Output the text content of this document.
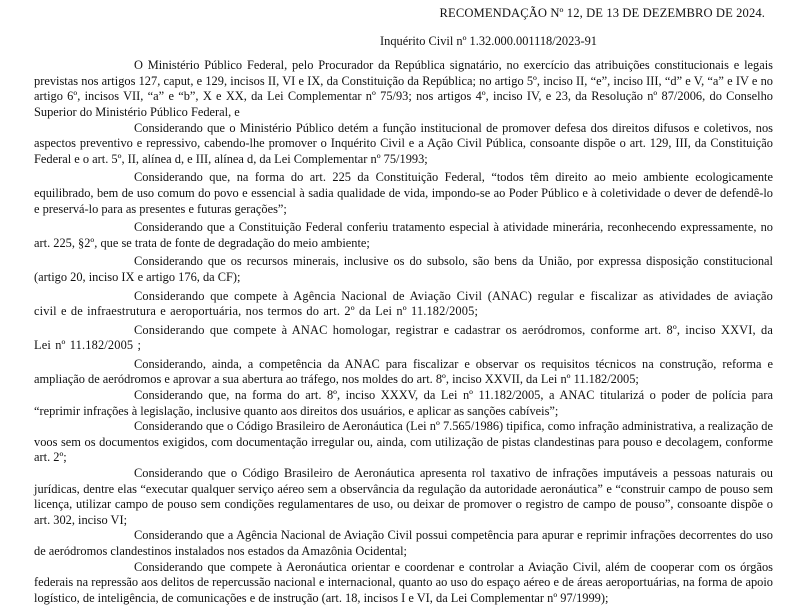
RECOMENDAÇÃO Nº 12, DE 13 DE DEZEMBRO DE 2024.
Inquérito Civil nº 1.32.000.001118/2023-91

O Ministério Público Federal, pelo Procurador da República signatário, no exercício das atribuições constitucionais e legais previstas nos artigos 127, caput, e 129, incisos II, VI e IX, da Constituição da República; no artigo 5º, inciso II, “e”, inciso III, “d” e V, “a” e IV e no artigo 6º, incisos VII, “a” e “b”, X e XX, da Lei Complementar nº 75/93; nos artigos 4º, inciso IV, e 23, da Resolução nº 87/2006, do Conselho Superior do Ministério Público Federal, e

Considerando que o Ministério Público detém a função institucional de promover defesa dos direitos difusos e coletivos, nos aspectos preventivo e repressivo, cabendo-lhe promover o Inquérito Civil e a Ação Civil Pública, consoante dispõe o art. 129, III, da Constituição Federal e o art. 5º, II, alínea d, e III, alínea d, da Lei Complementar nº 75/1993;

Considerando que, na forma do art. 225 da Constituição Federal, “todos têm direito ao meio ambiente ecologicamente equilibrado, bem de uso comum do povo e essencial à sadia qualidade de vida, impondo-se ao Poder Público e à coletividade o dever de defendê-lo e preservá-lo para as presentes e futuras gerações”;

Considerando que a Constituição Federal conferiu tratamento especial à atividade minerária, reconhecendo expressamente, no art. 225, §2º, que se trata de fonte de degradação do meio ambiente;

Considerando que os recursos minerais, inclusive os do subsolo, são bens da União, por expressa disposição constitucional (artigo 20, inciso IX e artigo 176, da CF);

Considerando que compete à Agência Nacional de Aviação Civil (ANAC) regular e fiscalizar as atividades de aviação civil e de infraestrutura e aeroportuária, nos termos do art. 2º da Lei nº 11.182/2005;

Considerando que compete à ANAC homologar, registrar e cadastrar os aeródromos, conforme art. 8º, inciso XXVI, da Lei nº 11.182/2005 ;

Considerando, ainda, a competência da ANAC para fiscalizar e observar os requisitos técnicos na construção, reforma e ampliação de aeródromos e aprovar a sua abertura ao tráfego, nos moldes do art. 8º, inciso XXVII, da Lei nº 11.182/2005;

Considerando que, na forma do art. 8º, inciso XXXV, da Lei nº 11.182/2005, a ANAC titularizá o poder de polícia para “reprimir infrações à legislação, inclusive quanto aos direitos dos usuários, e aplicar as sanções cabíveis”;

Considerando que o Código Brasileiro de Aeronáutica (Lei nº 7.565/1986) tipifica, como infração administrativa, a realização de voos sem os documentos exigidos, com documentação irregular ou, ainda, com utilização de pistas clandestinas para pouso e decolagem, conforme art. 2º;

Considerando que o Código Brasileiro de Aeronáutica apresenta rol taxativo de infrações imputáveis a pessoas naturais ou jurídicas, dentre elas “executar qualquer serviço aéreo sem a observância da regulação da autoridade aeronáutica” e “construir campo de pouso sem licença, utilizar campo de pouso sem condições regulamentares de uso, ou deixar de promover o registro de campo de pouso”, consoante dispõe o art. 302, inciso VI;

Considerando que a Agência Nacional de Aviação Civil possui competência para apurar e reprimir infrações decorrentes do uso de aeródromos clandestinos instalados nos estados da Amazônia Ocidental;

Considerando que compete à Aeronáutica orientar e coordenar e controlar a Aviação Civil, além de cooperar com os órgãos federais na repressão aos delitos de repercussão nacional e internacional, quanto ao uso do espaço aéreo e de áreas aeroportuárias, na forma de apoio logístico, de inteligência, de comunicações e de instrução (art. 18, incisos I e VI, da Lei Complementar nº 97/1999);
